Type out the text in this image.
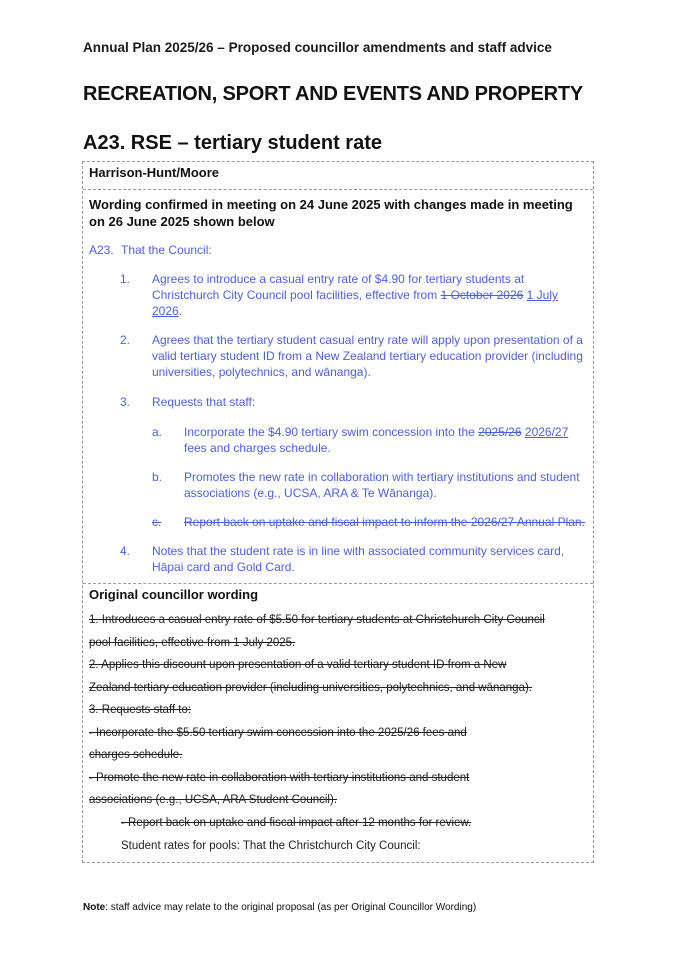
Annual Plan 2025/26 – Proposed councillor amendments and staff advice
RECREATION, SPORT AND EVENTS AND PROPERTY
A23. RSE – tertiary student rate
Harrison-Hunt/Moore
Wording confirmed in meeting on 24 June 2025 with changes made in meeting on 26 June 2025 shown below
A23. That the Council:
1.	Agrees to introduce a casual entry rate of $4.90 for tertiary students at Christchurch City Council pool facilities, effective from 1 October 2026 1 July 2026.
2.	Agrees that the tertiary student casual entry rate will apply upon presentation of a valid tertiary student ID from a New Zealand tertiary education provider (including universities, polytechnics, and wānanga).
3.	Requests that staff:
a.	Incorporate the $4.90 tertiary swim concession into the 2025/26 2026/27 fees and charges schedule.
b.	Promotes the new rate in collaboration with tertiary institutions and student associations (e.g., UCSA, ARA & Te Wānanga).
c.	Report back on uptake and fiscal impact to inform the 2026/27 Annual Plan.
4.	Notes that the student rate is in line with associated community services card, Hāpai card and Gold Card.
Original councillor wording
1. Introduces a casual entry rate of $5.50 for tertiary students at Christchurch City Council
pool facilities, effective from 1 July 2025.
2. Applies this discount upon presentation of a valid tertiary student ID from a New
Zealand tertiary education provider (including universities, polytechnics, and wānanga).
3. Requests staff to:
- Incorporate the $5.50 tertiary swim concession into the 2025/26 fees and
charges schedule.
- Promote the new rate in collaboration with tertiary institutions and student
associations (e.g., UCSA, ARA Student Council).
- Report back on uptake and fiscal impact after 12 months for review.
Student rates for pools: That the Christchurch City Council:
Note: staff advice may relate to the original proposal (as per Original Councillor Wording)
